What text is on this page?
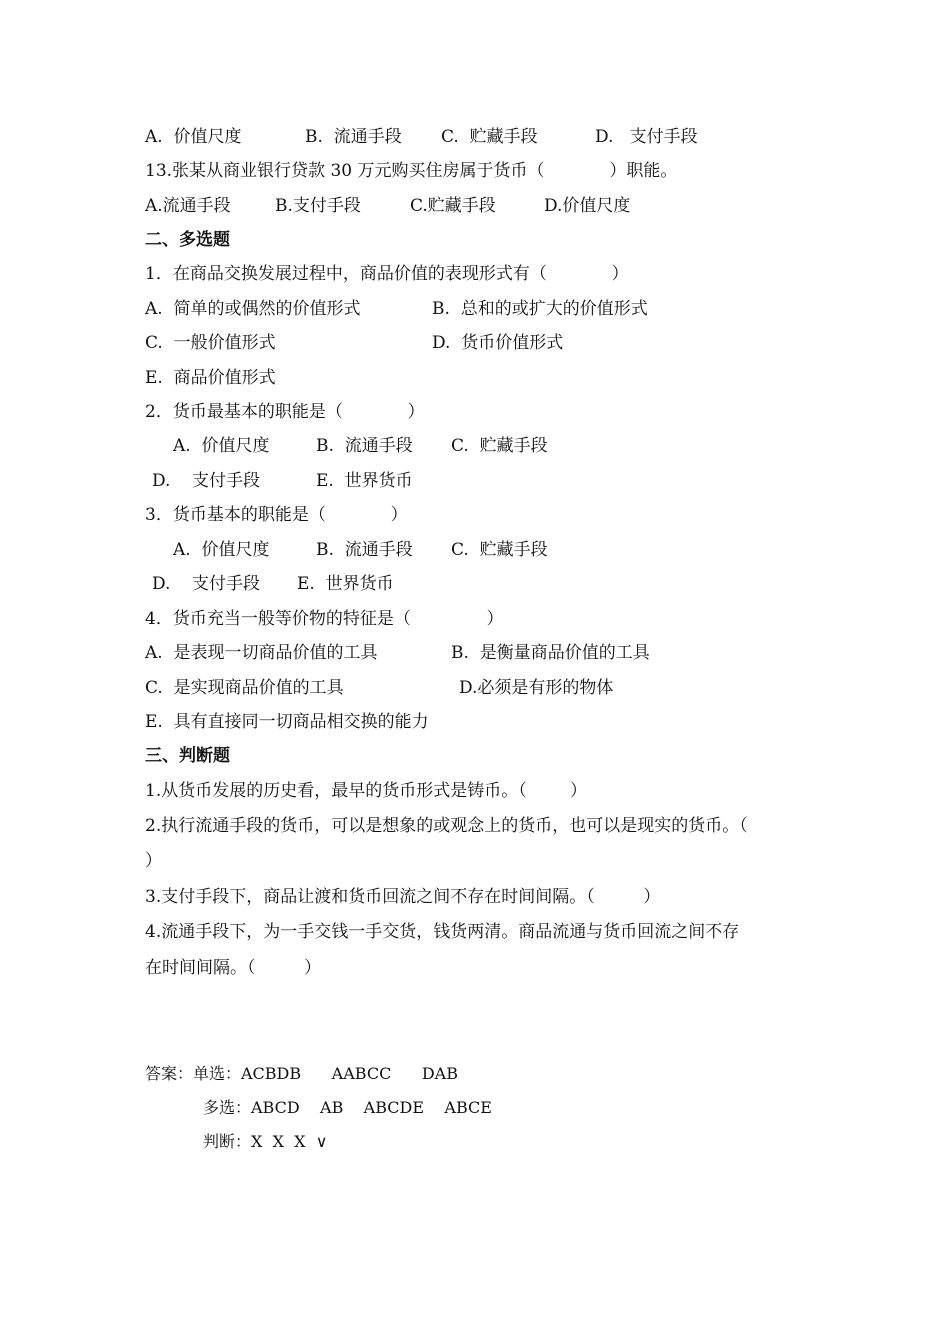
A.  价值尺度	B.  流通手段 C.  贮藏手段	D.   支付手段
13.张某从商业银行贷款 30 万元购买住房属于货币（            ）职能。
A.流通手段	B.支付手段	C.贮藏手段	D.价值尺度
二、多选题
1．在商品交换发展过程中，商品价值的表现形式有（            ）
A.  简单的或偶然的价值形式	B.  总和的或扩大的价值形式
C.  一般价值形式	D.  货币价值形式
E.  商品价值形式
2．货币最基本的职能是（            ）
A.  价值尺度	B.  流通手段 C.  贮藏手段
D.    支付手段	E.  世界货币
3．货币基本的职能是（            ）
A.  价值尺度	B.  流通手段 C.  贮藏手段
D.    支付手段 E.  世界货币
4．货币充当一般等价物的特征是（              ）
A.  是表现一切商品价值的工具	B.  是衡量商品价值的工具
C.  是实现商品价值的工具	D.必须是有形的物体
E.  具有直接同一切商品相交换的能力
三、判断题
1.从货币发展的历史看，最早的货币形式是铸币。（        ）
2.执行流通手段的货币，可以是想象的或观念上的货币，也可以是现实的货币。（
）
3.支付手段下，商品让渡和货币回流之间不存在时间间隔。（         ）
4.流通手段下，为一手交钱一手交货，钱货两清。商品流通与货币回流之间不存
在时间间隔。（         ）
答案：单选：ACBDB      AABCC      DAB
多选：ABCD    AB    ABCDE    ABCE
判断：X  X  X  ∨
